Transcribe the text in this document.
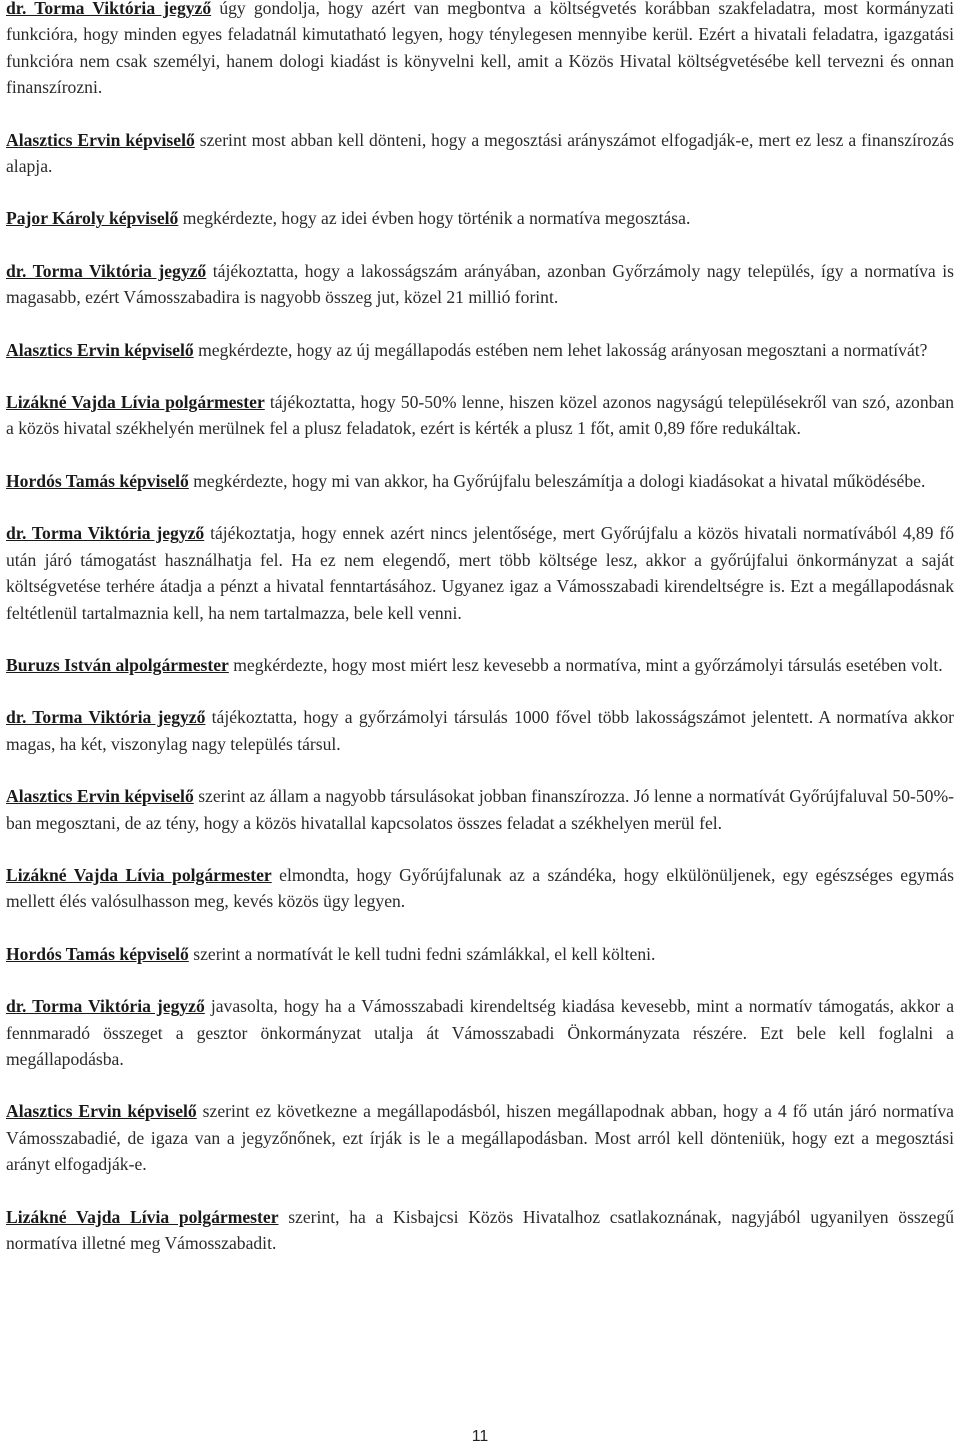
dr. Torma Viktória jegyző úgy gondolja, hogy azért van megbontva a költségvetés korábban szakfeladatra, most kormányzati funkcióra, hogy minden egyes feladatnál kimutatható legyen, hogy ténylegesen mennyibe kerül. Ezért a hivatali feladatra, igazgatási funkcióra nem csak személyi, hanem dologi kiadást is könyvelni kell, amit a Közös Hivatal költségvetésébe kell tervezni és onnan finanszírozni.

Alasztics Ervin képviselő szerint most abban kell dönteni, hogy a megosztási arányszámot elfogadják-e, mert ez lesz a finanszírozás alapja.

Pajor Károly képviselő megkérdezte, hogy az idei évben hogy történik a normatíva megosztása.

dr. Torma Viktória jegyző tájékoztatta, hogy a lakosságszám arányában, azonban Győrzámoly nagy település, így a normatíva is magasabb, ezért Vámosszabadira is nagyobb összeg jut, közel 21 millió forint.

Alasztics Ervin képviselő megkérdezte, hogy az új megállapodás estében nem lehet lakosság arányosan megosztani a normatívát?

Lizákné Vajda Lívia polgármester tájékoztatta, hogy 50-50% lenne, hiszen közel azonos nagyságú településekről van szó, azonban a közös hivatal székhelyén merülnek fel a plusz feladatok, ezért is kérték a plusz 1 főt, amit 0,89 főre redukáltak.

Hordós Tamás képviselő megkérdezte, hogy mi van akkor, ha Győrújfalu beleszámítja a dologi kiadásokat a hivatal működésébe.

dr. Torma Viktória jegyző tájékoztatja, hogy ennek azért nincs jelentősége, mert Győrújfalu a közös hivatali normatívából 4,89 fő után járó támogatást használhatja fel. Ha ez nem elegendő, mert több költsége lesz, akkor a győrújfalui önkormányzat a saját költségvetése terhére átadja a pénzt a hivatal fenntartásához. Ugyanez igaz a Vámosszabadi kirendeltségre is. Ezt a megállapodásnak feltétlenül tartalmaznia kell, ha nem tartalmazza, bele kell venni.

Buruzs István alpolgármester megkérdezte, hogy most miért lesz kevesebb a normatíva, mint a győrzámolyi társulás esetében volt.

dr. Torma Viktória jegyző tájékoztatta, hogy a győrzámolyi társulás 1000 fővel több lakosságszámot jelentett. A normatíva akkor magas, ha két, viszonylag nagy település társul.

Alasztics Ervin képviselő szerint az állam a nagyobb társulásokat jobban finanszírozza. Jó lenne a normatívát Győrújfaluval 50-50%-ban megosztani, de az tény, hogy a közös hivatallal kapcsolatos összes feladat a székhelyen merül fel.

Lizákné Vajda Lívia polgármester elmondta, hogy Győrújfalunak az a szándéka, hogy elkülönüljenek, egy egészséges egymás mellett élés valósulhasson meg, kevés közös ügy legyen.

Hordós Tamás képviselő szerint a normatívát le kell tudni fedni számlákkal, el kell költeni.

dr. Torma Viktória jegyző javasolta, hogy ha a Vámosszabadi kirendeltség kiadása kevesebb, mint a normatív támogatás, akkor a fennmaradó összeget a gesztor önkormányzat utalja át Vámosszabadi Önkormányzata részére. Ezt bele kell foglalni a megállapodásba.

Alasztics Ervin képviselő szerint ez következne a megállapodásból, hiszen megállapodnak abban, hogy a 4 fő után járó normatíva Vámosszabadié, de igaza van a jegyzőnőnek, ezt írják is le a megállapodásban. Most arról kell dönteniük, hogy ezt a megosztási arányt elfogadják-e.

Lizákné Vajda Lívia polgármester szerint, ha a Kisbajcsi Közös Hivatalhoz csatlakoznának, nagyjából ugyanilyen összegű normatíva illetné meg Vámosszabadit.

11
